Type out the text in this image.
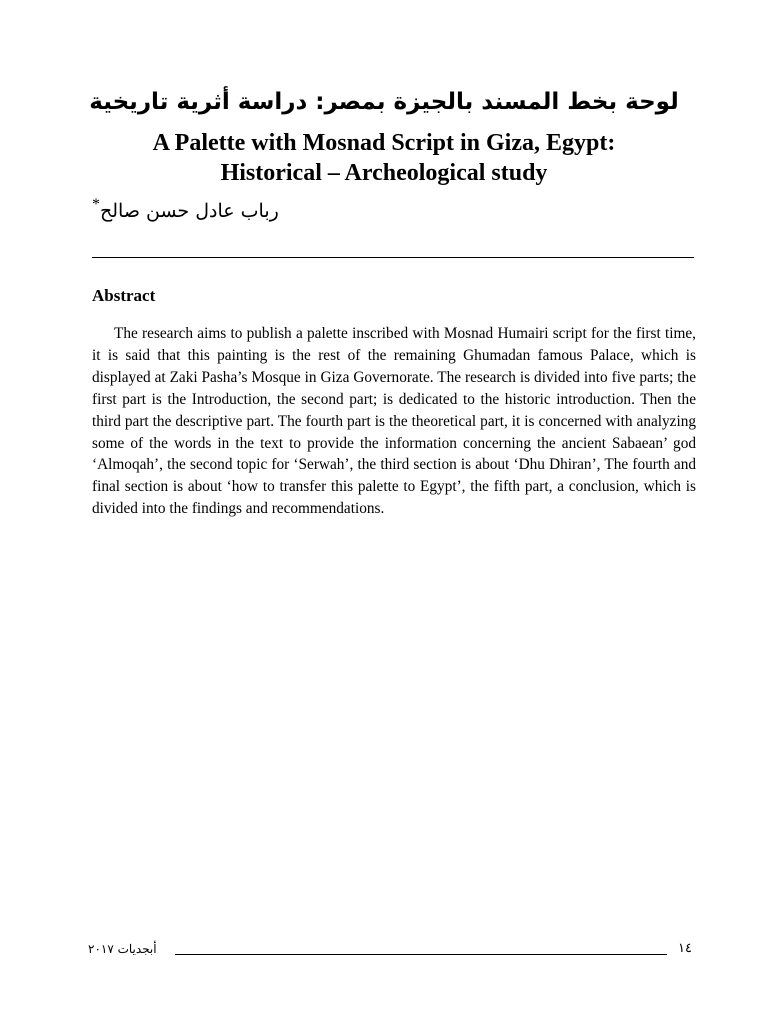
لوحة بخط المسند بالجيزة بمصر: دراسة أثرية تاريخية
A Palette with Mosnad Script in Giza, Egypt:
Historical – Archeological study
* رباب عادل حسن صالح
Abstract

The research aims to publish a palette inscribed with Mosnad Humairi script for the first time, it is said that this painting is the rest of the remaining Ghumadan famous Palace, which is displayed at Zaki Pasha’s Mosque in Giza Governorate. The research is divided into five parts; the first part is the Introduction, the second part; is dedicated to the historic introduction. Then the third part the descriptive part. The fourth part is the theoretical part, it is concerned with analyzing some of the words in the text to provide the information concerning the ancient Sabaean’ god ‘Almoqah’, the second topic for ‘Serwah’, the third section is about ‘Dhu Dhiran’, The fourth and final section is about ‘how to transfer this palette to Egypt’, the fifth part, a conclusion, which is divided into the findings and recommendations.

أبجديات ٢٠١٧	١٤
